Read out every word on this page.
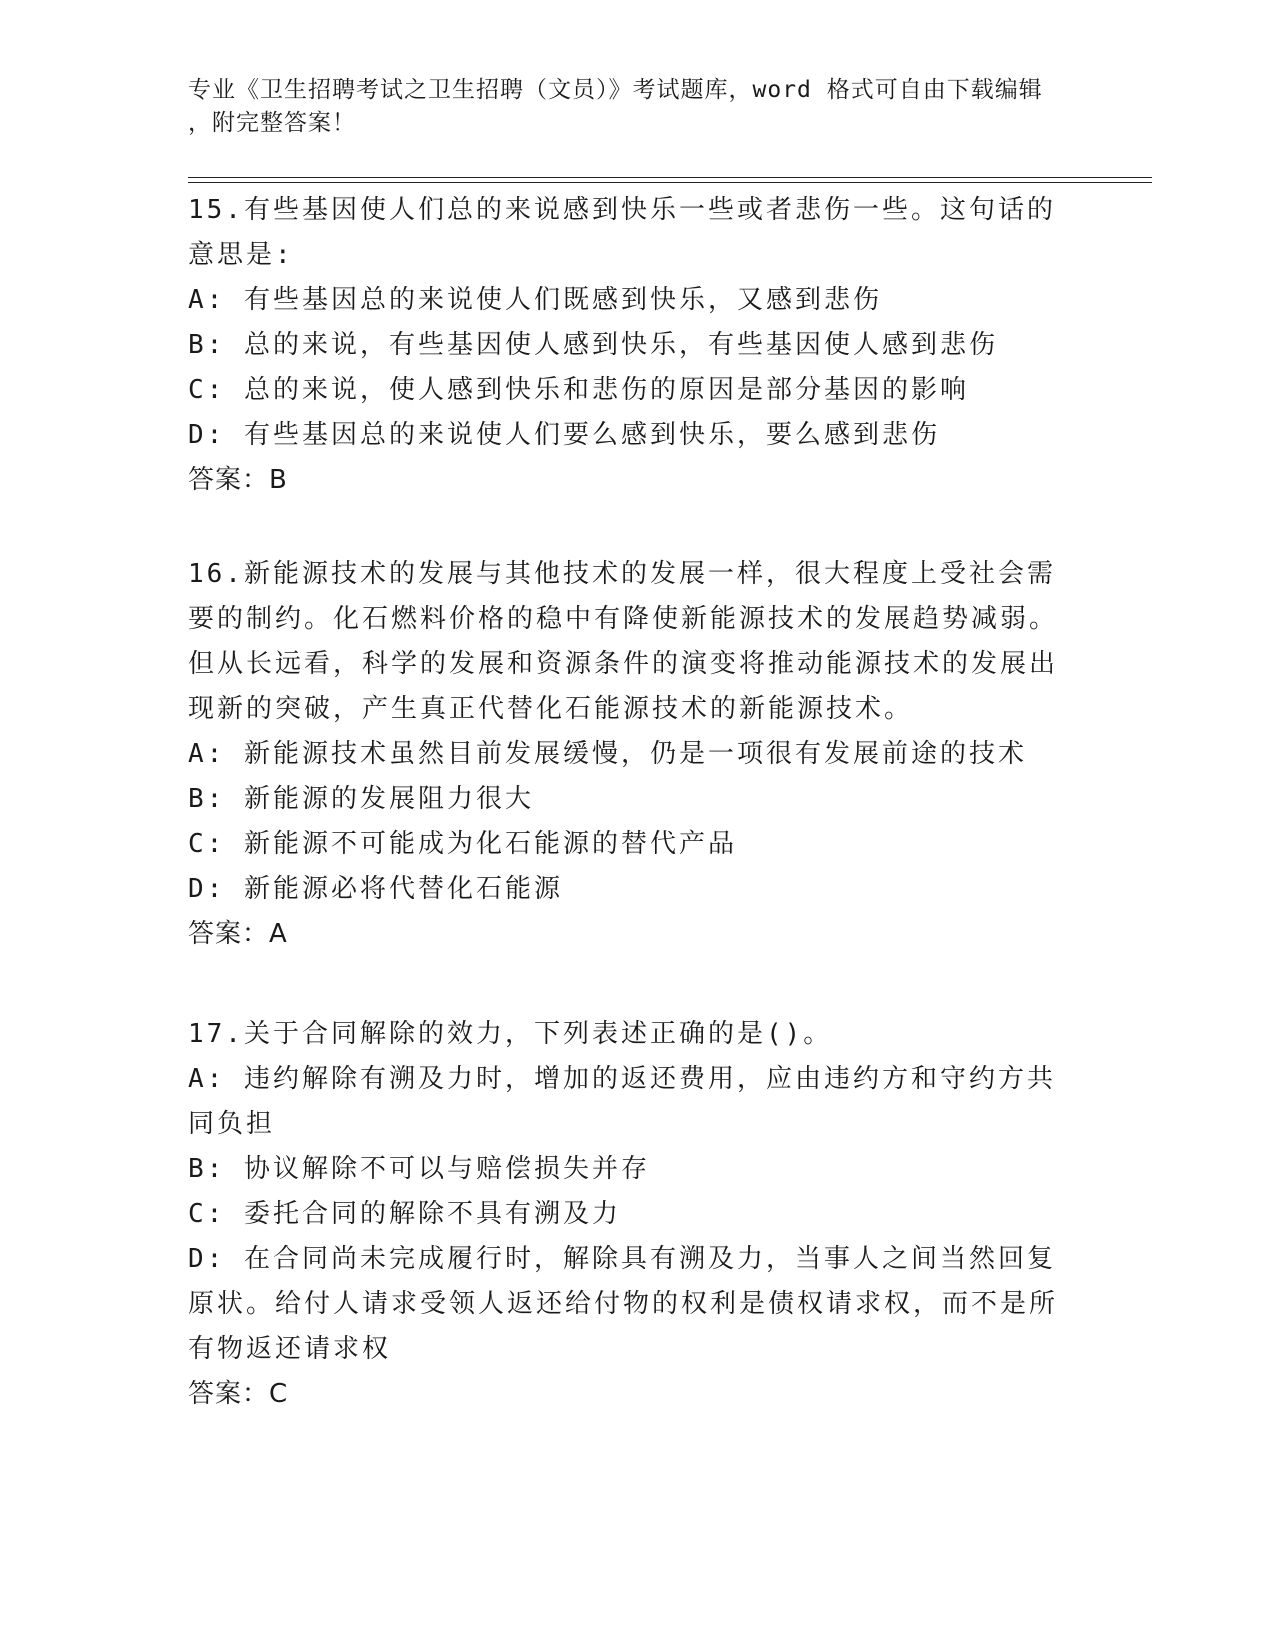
专业《卫生招聘考试之卫生招聘（文员）》考试题库，word 格式可自由下载编辑
，附完整答案！

15.有些基因使人们总的来说感到快乐一些或者悲伤一些。这句话的意思是:

A: 有些基因总的来说使人们既感到快乐，又感到悲伤

B: 总的来说，有些基因使人感到快乐，有些基因使人感到悲伤

C: 总的来说，使人感到快乐和悲伤的原因是部分基因的影响

D: 有些基因总的来说使人们要么感到快乐，要么感到悲伤

答案：B

16.新能源技术的发展与其他技术的发展一样，很大程度上受社会需要的制约。化石燃料价格的稳中有降使新能源技术的发展趋势减弱。但从长远看，科学的发展和资源条件的演变将推动能源技术的发展出现新的突破，产生真正代替化石能源技术的新能源技术。

A: 新能源技术虽然目前发展缓慢，仍是一项很有发展前途的技术

B: 新能源的发展阻力很大

C: 新能源不可能成为化石能源的替代产品

D: 新能源必将代替化石能源

答案：A

17.关于合同解除的效力，下列表述正确的是()。

A: 违约解除有溯及力时，增加的返还费用，应由违约方和守约方共同负担

B: 协议解除不可以与赔偿损失并存

C: 委托合同的解除不具有溯及力

D: 在合同尚未完成履行时，解除具有溯及力，当事人之间当然回复原状。给付人请求受领人返还给付物的权利是债权请求权，而不是所有物返还请求权

答案：C
